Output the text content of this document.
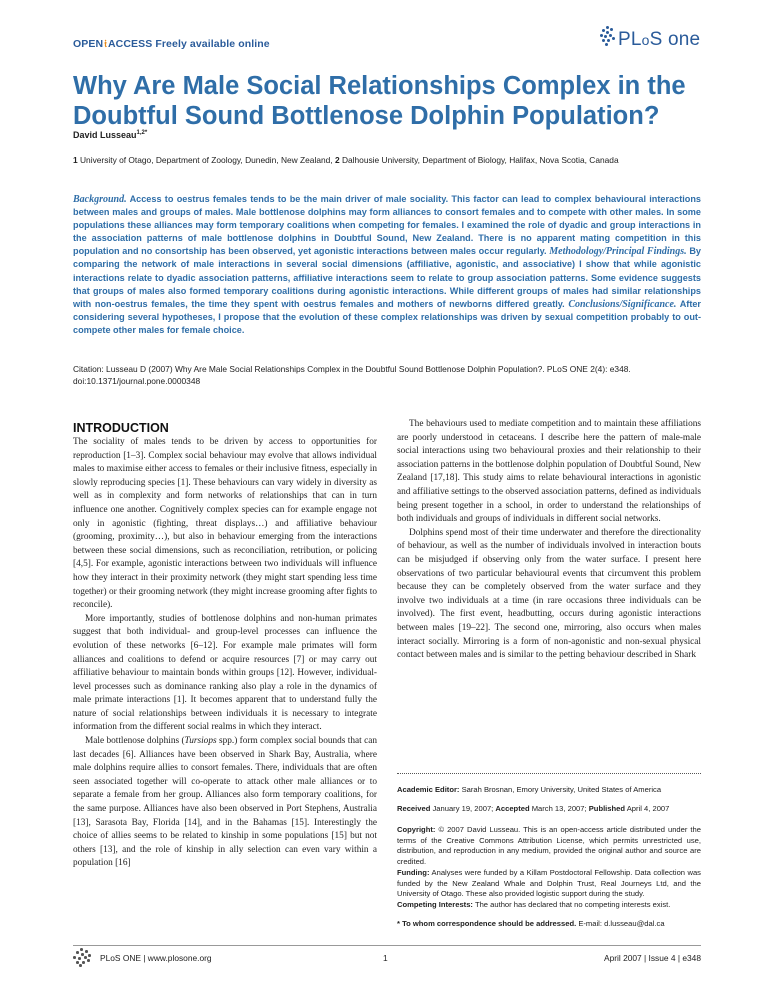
OPEN𝔦ACCESS Freely available online	PLoS one
Why Are Male Social Relationships Complex in the Doubtful Sound Bottlenose Dolphin Population?
David Lusseau$^{1,2*}$
1 University of Otago, Department of Zoology, Dunedin, New Zealand, 2 Dalhousie University, Department of Biology, Halifax, Nova Scotia, Canada
Background. Access to oestrus females tends to be the main driver of male sociality. This factor can lead to complex behavioural interactions between males and groups of males. Male bottlenose dolphins may form alliances to consort females and to compete with other males. In some populations these alliances may form temporary coalitions when competing for females. I examined the role of dyadic and group interactions in the association patterns of male bottlenose dolphins in Doubtful Sound, New Zealand. There is no apparent mating competition in this population and no consortship has been observed, yet agonistic interactions between males occur regularly. Methodology/Principal Findings. By comparing the network of male interactions in several social dimensions (affiliative, agonistic, and associative) I show that while agonistic interactions relate to dyadic association patterns, affiliative interactions seem to relate to group association patterns. Some evidence suggests that groups of males also formed temporary coalitions during agonistic interactions. While different groups of males had similar relationships with non-oestrus females, the time they spent with oestrus females and mothers of newborns differed greatly. Conclusions/Significance. After considering several hypotheses, I propose that the evolution of these complex relationships was driven by sexual competition probably to out-compete other males for female choice.
Citation: Lusseau D (2007) Why Are Male Social Relationships Complex in the Doubtful Sound Bottlenose Dolphin Population?. PLoS ONE 2(4): e348.
doi:10.1371/journal.pone.0000348
INTRODUCTION

The sociality of males tends to be driven by access to opportunities for reproduction [1–3]. Complex social behaviour may evolve that allows individual males to maximise either access to females or their inclusive fitness, especially in slowly reproducing species [1]. These behaviours can vary widely in diversity as well as in complexity and form networks of relationships that can in turn influence one another. Cognitively complex species can for example engage not only in agonistic (fighting, threat displays…) and affiliative behaviour (grooming, proximity…), but also in behaviour emerging from the interactions between these social dimensions, such as reconciliation, retribution, or policing [4,5]. For example, agonistic interactions between two individuals will influence how they interact in their proximity network (they might start spending less time together) or their grooming network (they might increase grooming after fights to reconcile).

More importantly, studies of bottlenose dolphins and non-human primates suggest that both individual- and group-level processes can influence the evolution of these networks [6–12]. For example male primates will form alliances and coalitions to defend or acquire resources [7] or may carry out affiliative behaviour to maintain bonds within groups [12]. However, individual-level processes such as dominance ranking also play a role in the dynamics of male primate interactions [1]. It becomes apparent that to understand fully the nature of social relationships between individuals it is necessary to integrate information from the different social realms in which they interact.

Male bottlenose dolphins (Tursiops spp.) form complex social bounds that can last decades [6]. Alliances have been observed in Shark Bay, Australia, where male dolphins require allies to consort females. There, individuals that are often seen associated together will co-operate to attack other male alliances or to separate a female from her group. Alliances also form temporary coalitions, for the same purpose. Alliances have also been observed in Port Stephens, Australia [13], Sarasota Bay, Florida [14], and in the Bahamas [15]. Interestingly the choice of allies seems to be related to kinship in some populations [15] but not others [13], and the role of kinship in ally selection can even vary within a population [16]

The behaviours used to mediate competition and to maintain these affiliations are poorly understood in cetaceans. I describe here the pattern of male-male social interactions using two behavioural proxies and their relationship to their association patterns in the bottlenose dolphin population of Doubtful Sound, New Zealand [17,18]. This study aims to relate behavioural interactions in agonistic and affiliative settings to the observed association patterns, defined as individuals being present together in a school, in order to understand the relationships of both individuals and groups of individuals in different social networks.

Dolphins spend most of their time underwater and therefore the directionality of behaviour, as well as the number of individuals involved in interaction bouts can be misjudged if observing only from the water surface. I present here observations of two particular behavioural events that circumvent this problem because they can be completely observed from the water surface and they involve two individuals at a time (in rare occasions three individuals can be involved). The first event, headbutting, occurs during agonistic interactions between males [19–22]. The second one, mirroring, also occurs when males interact socially. Mirroring is a form of non-agonistic and non-sexual physical contact between males and is similar to the petting behaviour described in Shark

Academic Editor: Sarah Brosnan, Emory University, United States of America
Received January 19, 2007; Accepted March 13, 2007; Published April 4, 2007
Copyright: © 2007 David Lusseau. This is an open-access article distributed under the terms of the Creative Commons Attribution License, which permits unrestricted use, distribution, and reproduction in any medium, provided the original author and source are credited.
Funding: Analyses were funded by a Killam Postdoctoral Fellowship. Data collection was funded by the New Zealand Whale and Dolphin Trust, Real Journeys Ltd, and the University of Otago. These also provided logistic support during the study.
Competing Interests: The author has declared that no competing interests exist.
* To whom correspondence should be addressed. E-mail: d.lusseau@dal.ca
PLoS ONE | www.plosone.org	1	April 2007 | Issue 4 | e348
